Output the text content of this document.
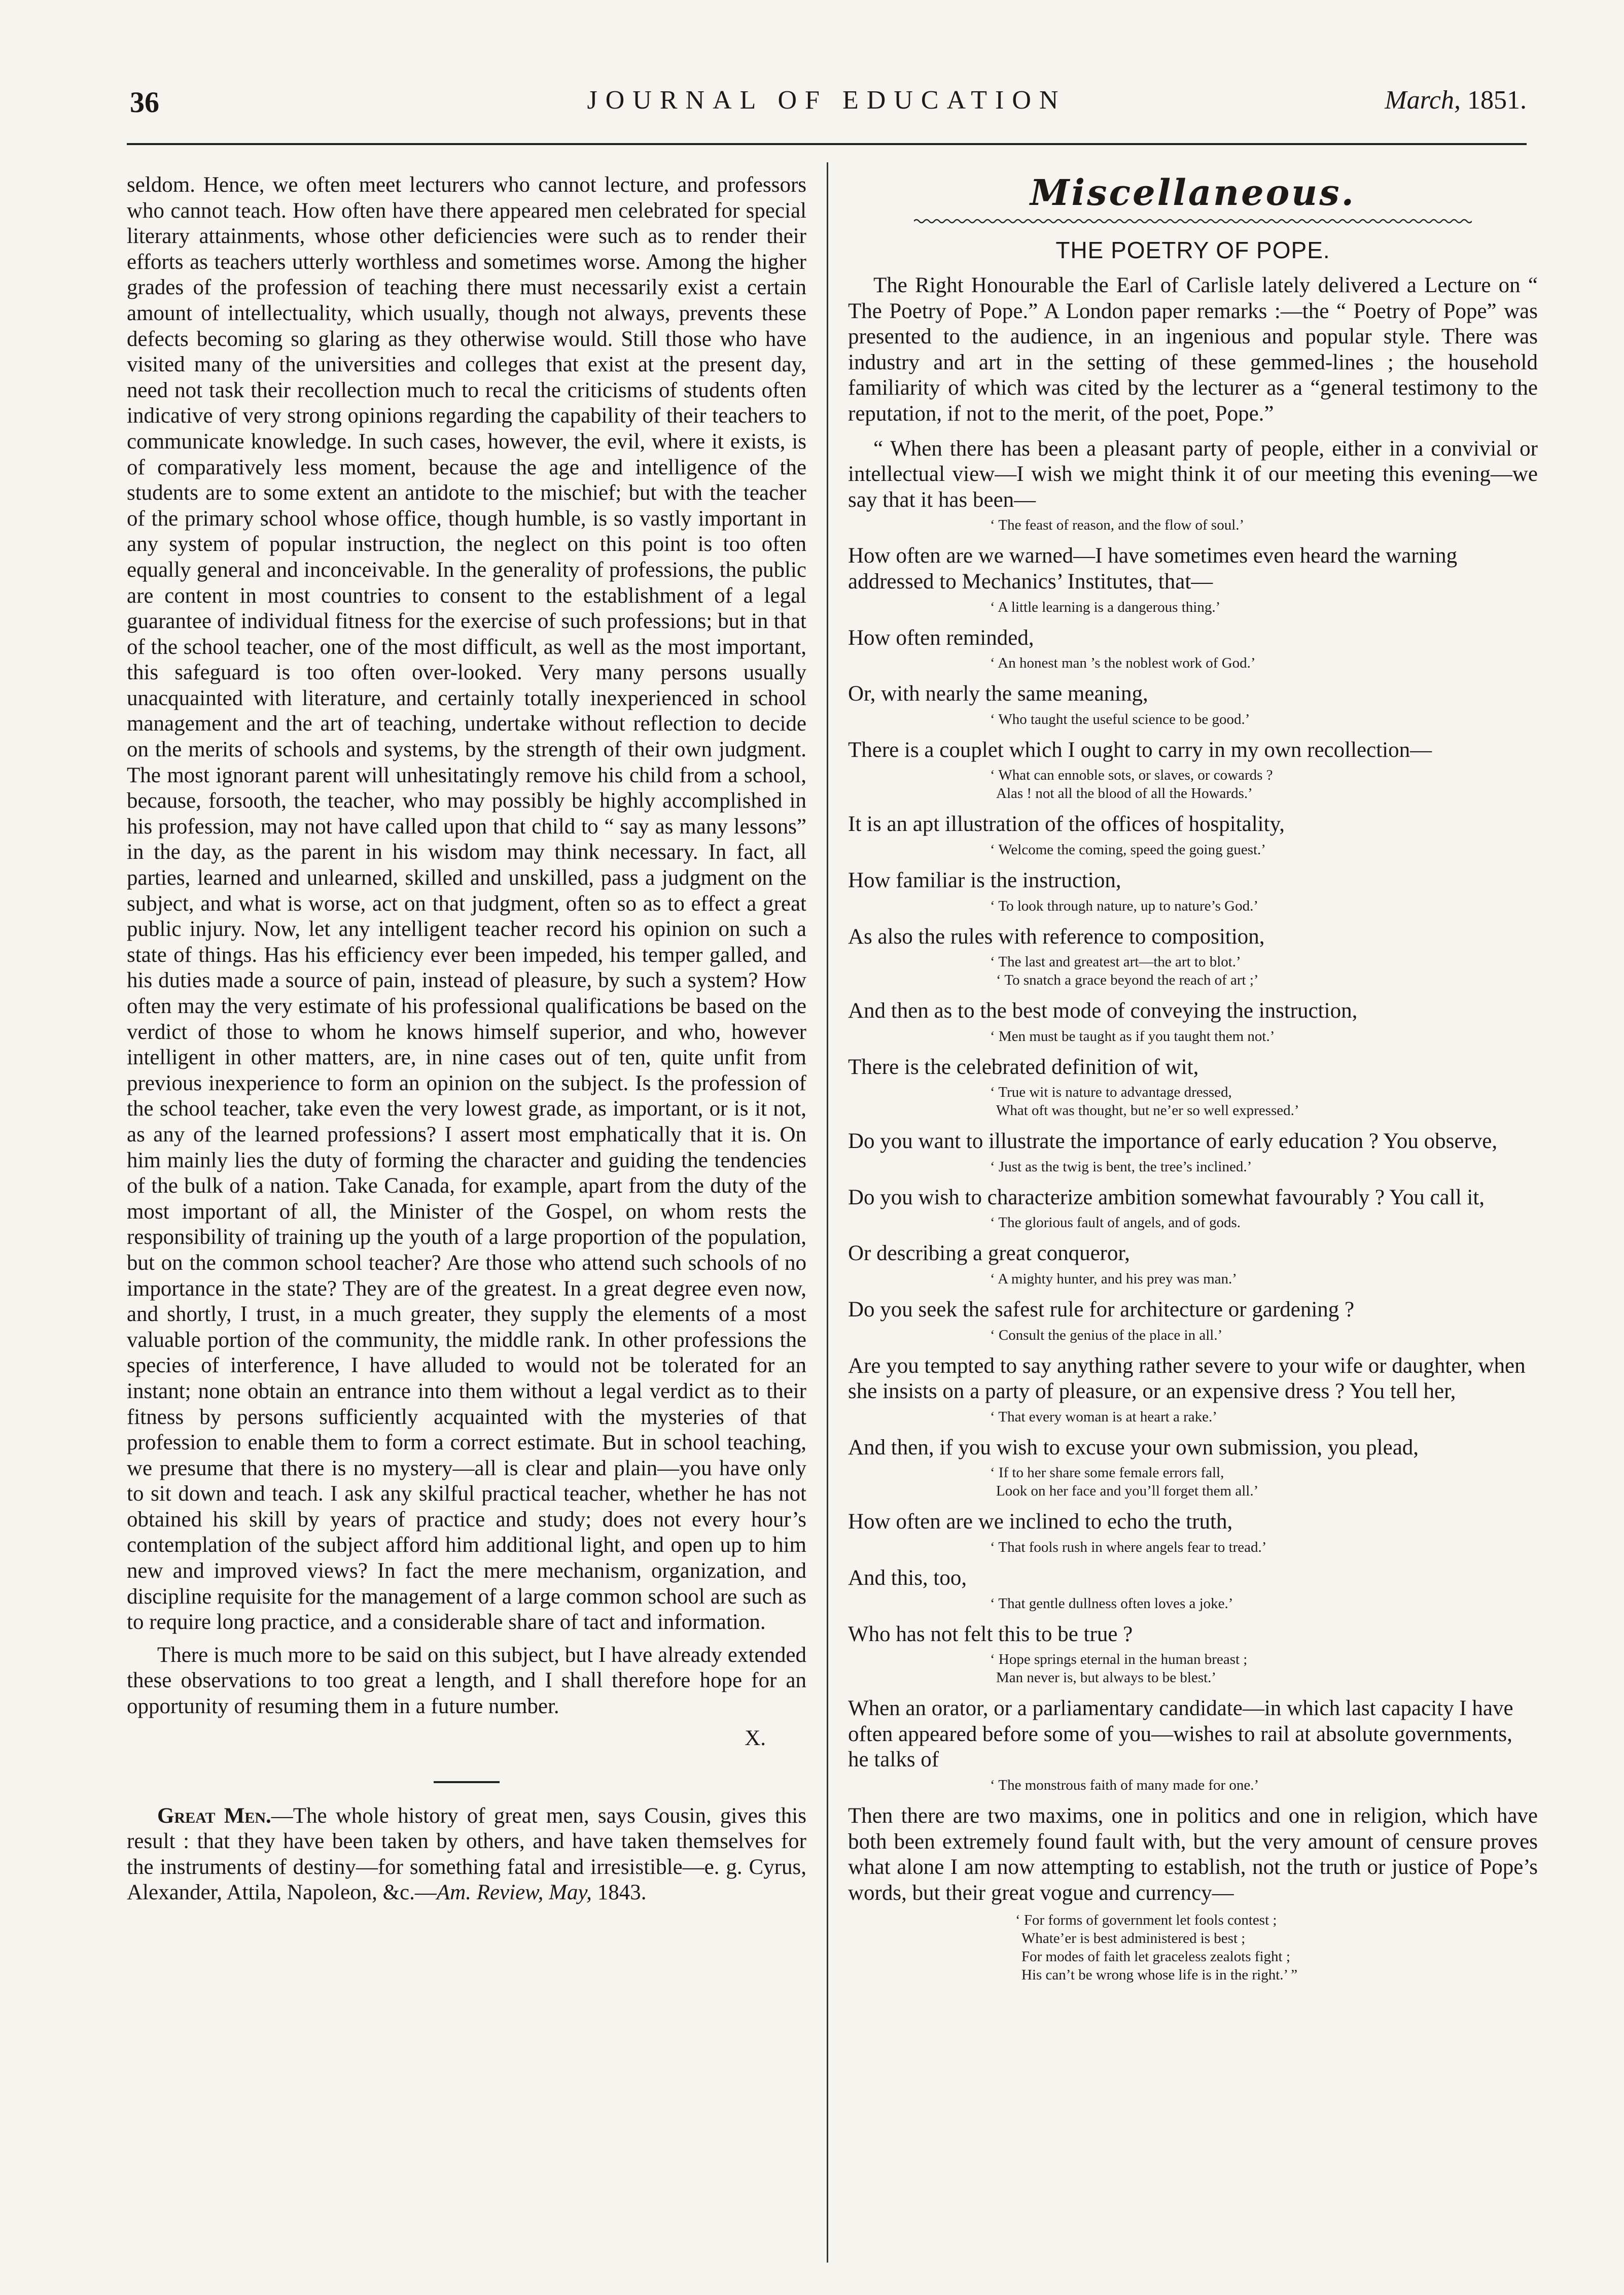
36	JOURNAL OF EDUCATION	March, 1851.

seldom. Hence, we often meet lecturers who cannot lecture, and professors who cannot teach. How often have there appeared men celebrated for special literary attainments, whose other deficiencies were such as to render their efforts as teachers utterly worthless and sometimes worse. Among the higher grades of the profession of teaching there must necessarily exist a certain amount of intellectuality, which usually, though not always, prevents these defects becoming so glaring as they otherwise would. Still those who have visited many of the universities and colleges that exist at the present day, need not task their recollection much to recal the criticisms of students often indicative of very strong opinions regarding the capability of their teachers to communicate knowledge. In such cases, however, the evil, where it exists, is of comparatively less moment, because the age and intelligence of the students are to some extent an antidote to the mischief; but with the teacher of the primary school whose office, though humble, is so vastly important in any system of popular instruction, the neglect on this point is too often equally general and inconceivable. In the generality of professions, the public are content in most countries to consent to the establishment of a legal guarantee of individual fitness for the exercise of such professions; but in that of the school teacher, one of the most difficult, as well as the most important, this safeguard is too often over-looked. Very many persons usually unacquainted with literature, and certainly totally inexperienced in school management and the art of teaching, undertake without reflection to decide on the merits of schools and systems, by the strength of their own judgment. The most ignorant parent will unhesitatingly remove his child from a school, because, forsooth, the teacher, who may possibly be highly accomplished in his profession, may not have called upon that child to “ say as many lessons” in the day, as the parent in his wisdom may think necessary. In fact, all parties, learned and unlearned, skilled and unskilled, pass a judgment on the subject, and what is worse, act on that judgment, often so as to effect a great public injury. Now, let any intelligent teacher record his opinion on such a state of things. Has his efficiency ever been impeded, his temper galled, and his duties made a source of pain, instead of pleasure, by such a system? How often may the very estimate of his professional qualifications be based on the verdict of those to whom he knows himself superior, and who, however intelligent in other matters, are, in nine cases out of ten, quite unfit from previous inexperience to form an opinion on the subject. Is the profession of the school teacher, take even the very lowest grade, as important, or is it not, as any of the learned professions? I assert most emphatically that it is. On him mainly lies the duty of forming the character and guiding the tendencies of the bulk of a nation. Take Canada, for example, apart from the duty of the most important of all, the Minister of the Gospel, on whom rests the responsibility of training up the youth of a large proportion of the population, but on the common school teacher? Are those who attend such schools of no importance in the state? They are of the greatest. In a great degree even now, and shortly, I trust, in a much greater, they supply the elements of a most valuable portion of the community, the middle rank. In other professions the species of interference, I have alluded to would not be tolerated for an instant; none obtain an entrance into them without a legal verdict as to their fitness by persons sufficiently acquainted with the mysteries of that profession to enable them to form a correct estimate. But in school teaching, we presume that there is no mystery—all is clear and plain—you have only to sit down and teach. I ask any skilful practical teacher, whether he has not obtained his skill by years of practice and study; does not every hour’s contemplation of the subject afford him additional light, and open up to him new and improved views? In fact the mere mechanism, organization, and discipline requisite for the management of a large common school are such as to require long practice, and a considerable share of tact and information.

There is much more to be said on this subject, but I have already extended these observations to too great a length, and I shall therefore hope for an opportunity of resuming them in a future number.

X.

Great Men.—The whole history of great men, says Cousin, gives this result : that they have been taken by others, and have taken themselves for the instruments of destiny—for something fatal and irresistible—e. g. Cyrus, Alexander, Attila, Napoleon, &c.—Am. Review, May, 1843.

Miscellaneous.
THE POETRY OF POPE.

The Right Honourable the Earl of Carlisle lately delivered a Lecture on “ The Poetry of Pope.” A London paper remarks :—the “ Poetry of Pope” was presented to the audience, in an ingenious and popular style. There was industry and art in the setting of these gemmed-lines ; the household familiarity of which was cited by the lecturer as a “general testimony to the reputation, if not to the merit, of the poet, Pope.”

“ When there has been a pleasant party of people, either in a convivial or intellectual view—I wish we might think it of our meeting this evening—we say that it has been—

‘ The feast of reason, and the flow of soul.’

How often are we warned—I have sometimes even heard the warning addressed to Mechanics’ Institutes, that—

‘ A little learning is a dangerous thing.’

How often reminded,

‘ An honest man ’s the noblest work of God.’

Or, with nearly the same meaning,

‘ Who taught the useful science to be good.’

There is a couplet which I ought to carry in my own recollection—

‘ What can ennoble sots, or slaves, or cowards ?
Alas ! not all the blood of all the Howards.’

It is an apt illustration of the offices of hospitality,

‘ Welcome the coming, speed the going guest.’

How familiar is the instruction,

‘ To look through nature, up to nature’s God.’

As also the rules with reference to composition,

‘ The last and greatest art—the art to blot.’
‘ To snatch a grace beyond the reach of art ;’

And then as to the best mode of conveying the instruction,

‘ Men must be taught as if you taught them not.’

There is the celebrated definition of wit,

‘ True wit is nature to advantage dressed,
What oft was thought, but ne’er so well expressed.’

Do you want to illustrate the importance of early education ? You observe,

‘ Just as the twig is bent, the tree’s inclined.’

Do you wish to characterize ambition somewhat favourably ? You call it,

‘ The glorious fault of angels, and of gods.

Or describing a great conqueror,

‘ A mighty hunter, and his prey was man.’

Do you seek the safest rule for architecture or gardening ?

‘ Consult the genius of the place in all.’

Are you tempted to say anything rather severe to your wife or daughter, when she insists on a party of pleasure, or an expensive dress ? You tell her,

‘ That every woman is at heart a rake.’

And then, if you wish to excuse your own submission, you plead,

‘ If to her share some female errors fall,
Look on her face and you’ll forget them all.’

How often are we inclined to echo the truth,

‘ That fools rush in where angels fear to tread.’

And this, too,

‘ That gentle dullness often loves a joke.’

Who has not felt this to be true ?

‘ Hope springs eternal in the human breast ;
Man never is, but always to be blest.’

When an orator, or a parliamentary candidate—in which last capacity I have often appeared before some of you—wishes to rail at absolute governments, he talks of

‘ The monstrous faith of many made for one.’

Then there are two maxims, one in politics and one in religion, which have both been extremely found fault with, but the very amount of censure proves what alone I am now attempting to establish, not the truth or justice of Pope’s words, but their great vogue and currency—

‘ For forms of government let fools contest ;
Whate’er is best administered is best ;
For modes of faith let graceless zealots fight ;
His can’t be wrong whose life is in the right.’ ”
